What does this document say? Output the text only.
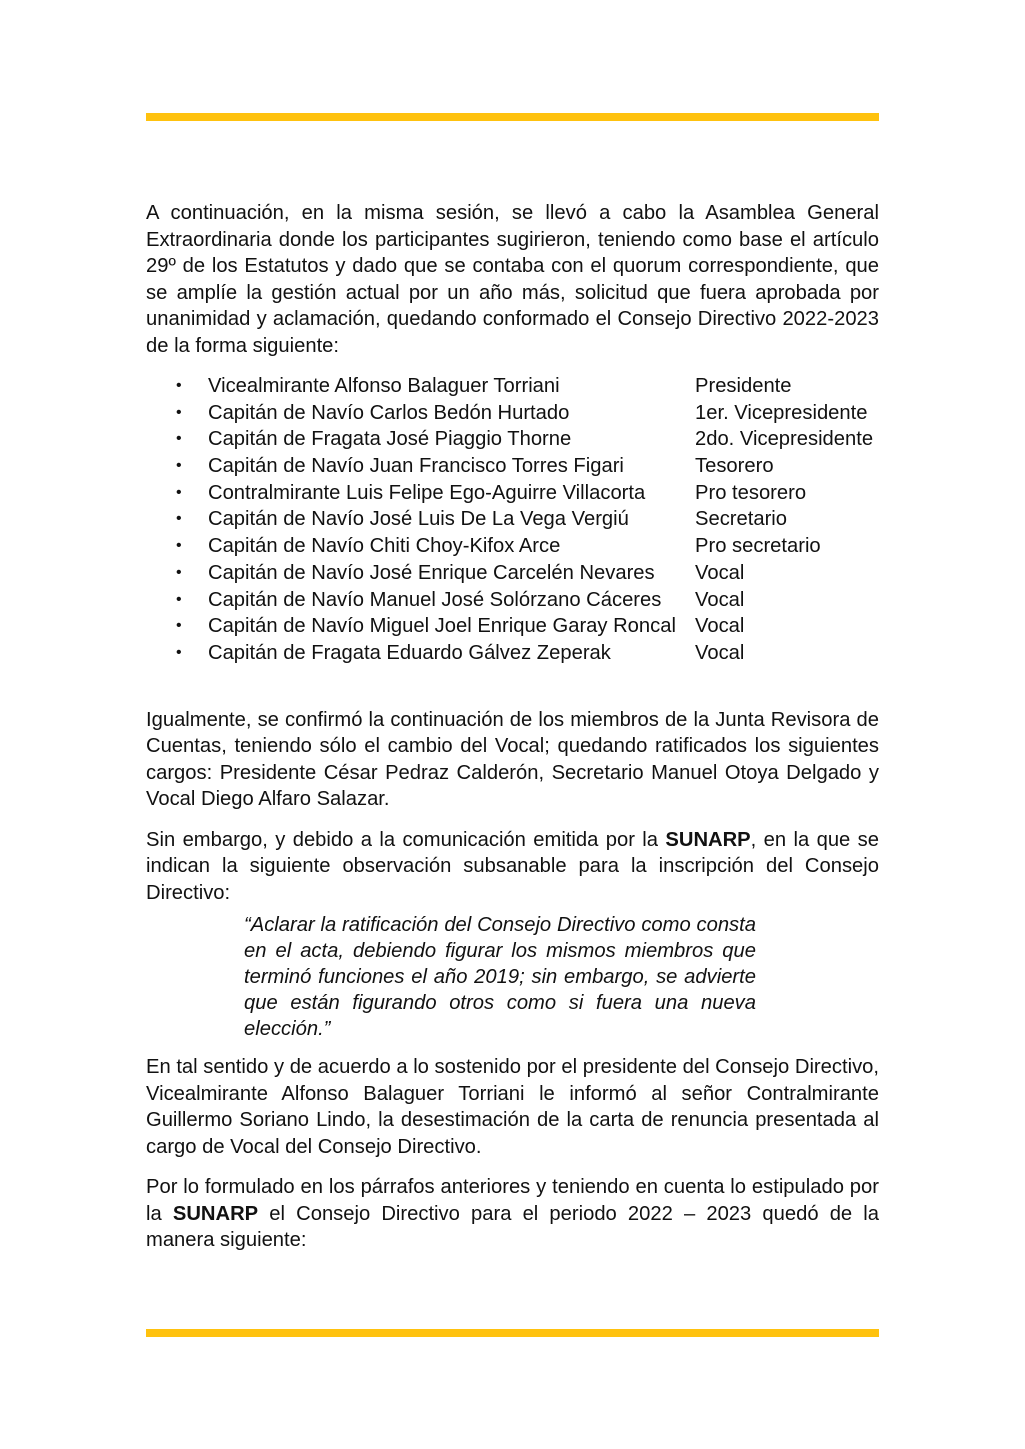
A continuación, en la misma sesión, se llevó a cabo la Asamblea General Extraordinaria donde los participantes sugirieron, teniendo como base el artículo 29º de los Estatutos y dado que se contaba con el quorum correspondiente, que se amplíe la gestión actual por un año más, solicitud que fuera aprobada por unanimidad y aclamación, quedando conformado el Consejo Directivo 2022-2023 de la forma siguiente:

•	Vicealmirante Alfonso Balaguer Torriani	Presidente
•	Capitán de Navío Carlos Bedón Hurtado	1er. Vicepresidente
•	Capitán de Fragata José Piaggio Thorne	2do. Vicepresidente
•	Capitán de Navío Juan Francisco Torres Figari	Tesorero
•	Contralmirante Luis Felipe Ego-Aguirre Villacorta	Pro tesorero
•	Capitán de Navío José Luis De La Vega Vergiú	Secretario
•	Capitán de Navío Chiti Choy-Kifox Arce	Pro secretario
•	Capitán de Navío José Enrique Carcelén Nevares	Vocal
•	Capitán de Navío Manuel José Solórzano Cáceres	Vocal
•	Capitán de Navío Miguel Joel Enrique Garay Roncal Vocal
•	Capitán de Fragata Eduardo Gálvez Zeperak	Vocal

Igualmente, se confirmó la continuación de los miembros de la Junta Revisora de Cuentas, teniendo sólo el cambio del Vocal; quedando ratificados los siguientes cargos: Presidente César Pedraz Calderón, Secretario Manuel Otoya Delgado y Vocal Diego Alfaro Salazar.

Sin embargo, y debido a la comunicación emitida por la SUNARP, en la que se indican la siguiente observación subsanable para la inscripción del Consejo Directivo:

“Aclarar la ratificación del Consejo Directivo como consta en el acta, debiendo figurar los mismos miembros que terminó funciones el año 2019; sin embargo, se advierte que están figurando otros como si fuera una nueva elección.”

En tal sentido y de acuerdo a lo sostenido por el presidente del Consejo Directivo, Vicealmirante Alfonso Balaguer Torriani le informó al señor Contralmirante Guillermo Soriano Lindo, la desestimación de la carta de renuncia presentada al cargo de Vocal del Consejo Directivo.

Por lo formulado en los párrafos anteriores y teniendo en cuenta lo estipulado por la SUNARP el Consejo Directivo para el periodo 2022 – 2023 quedó de la manera siguiente:
